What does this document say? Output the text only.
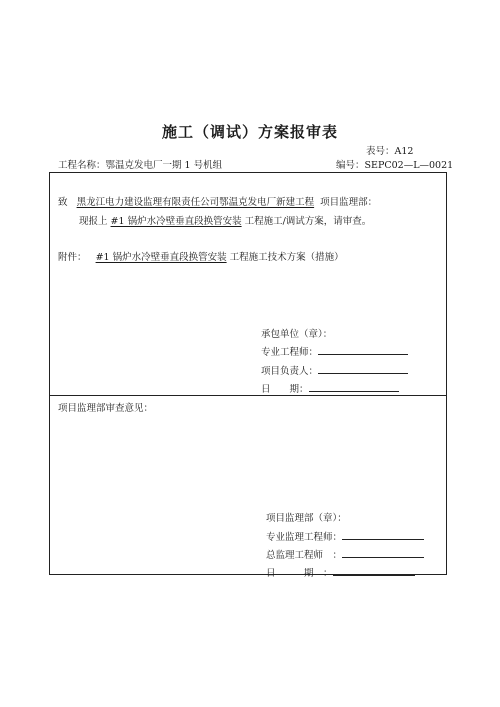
施工（调试）方案报审表
表号：A12
工程名称：鄂温克发电厂一期 1 号机组	编号：SEPC02—L—0021
致 黑龙江电力建设监理有限责任公司鄂温克发电厂新建工程 项目监理部：
现报上 #1 锅炉水冷壁垂直段换管安装 工程施工/调试方案，请审查。
附件： #1 锅炉水冷壁垂直段换管安装 工程施工技术方案（措施）
承包单位（章）：
专业工程师：
项目负责人：
日　　期：
项目监理部审查意见：
项目监理部（章）：
专业监理工程师：
总监理工程师　：
日　　　期　：
